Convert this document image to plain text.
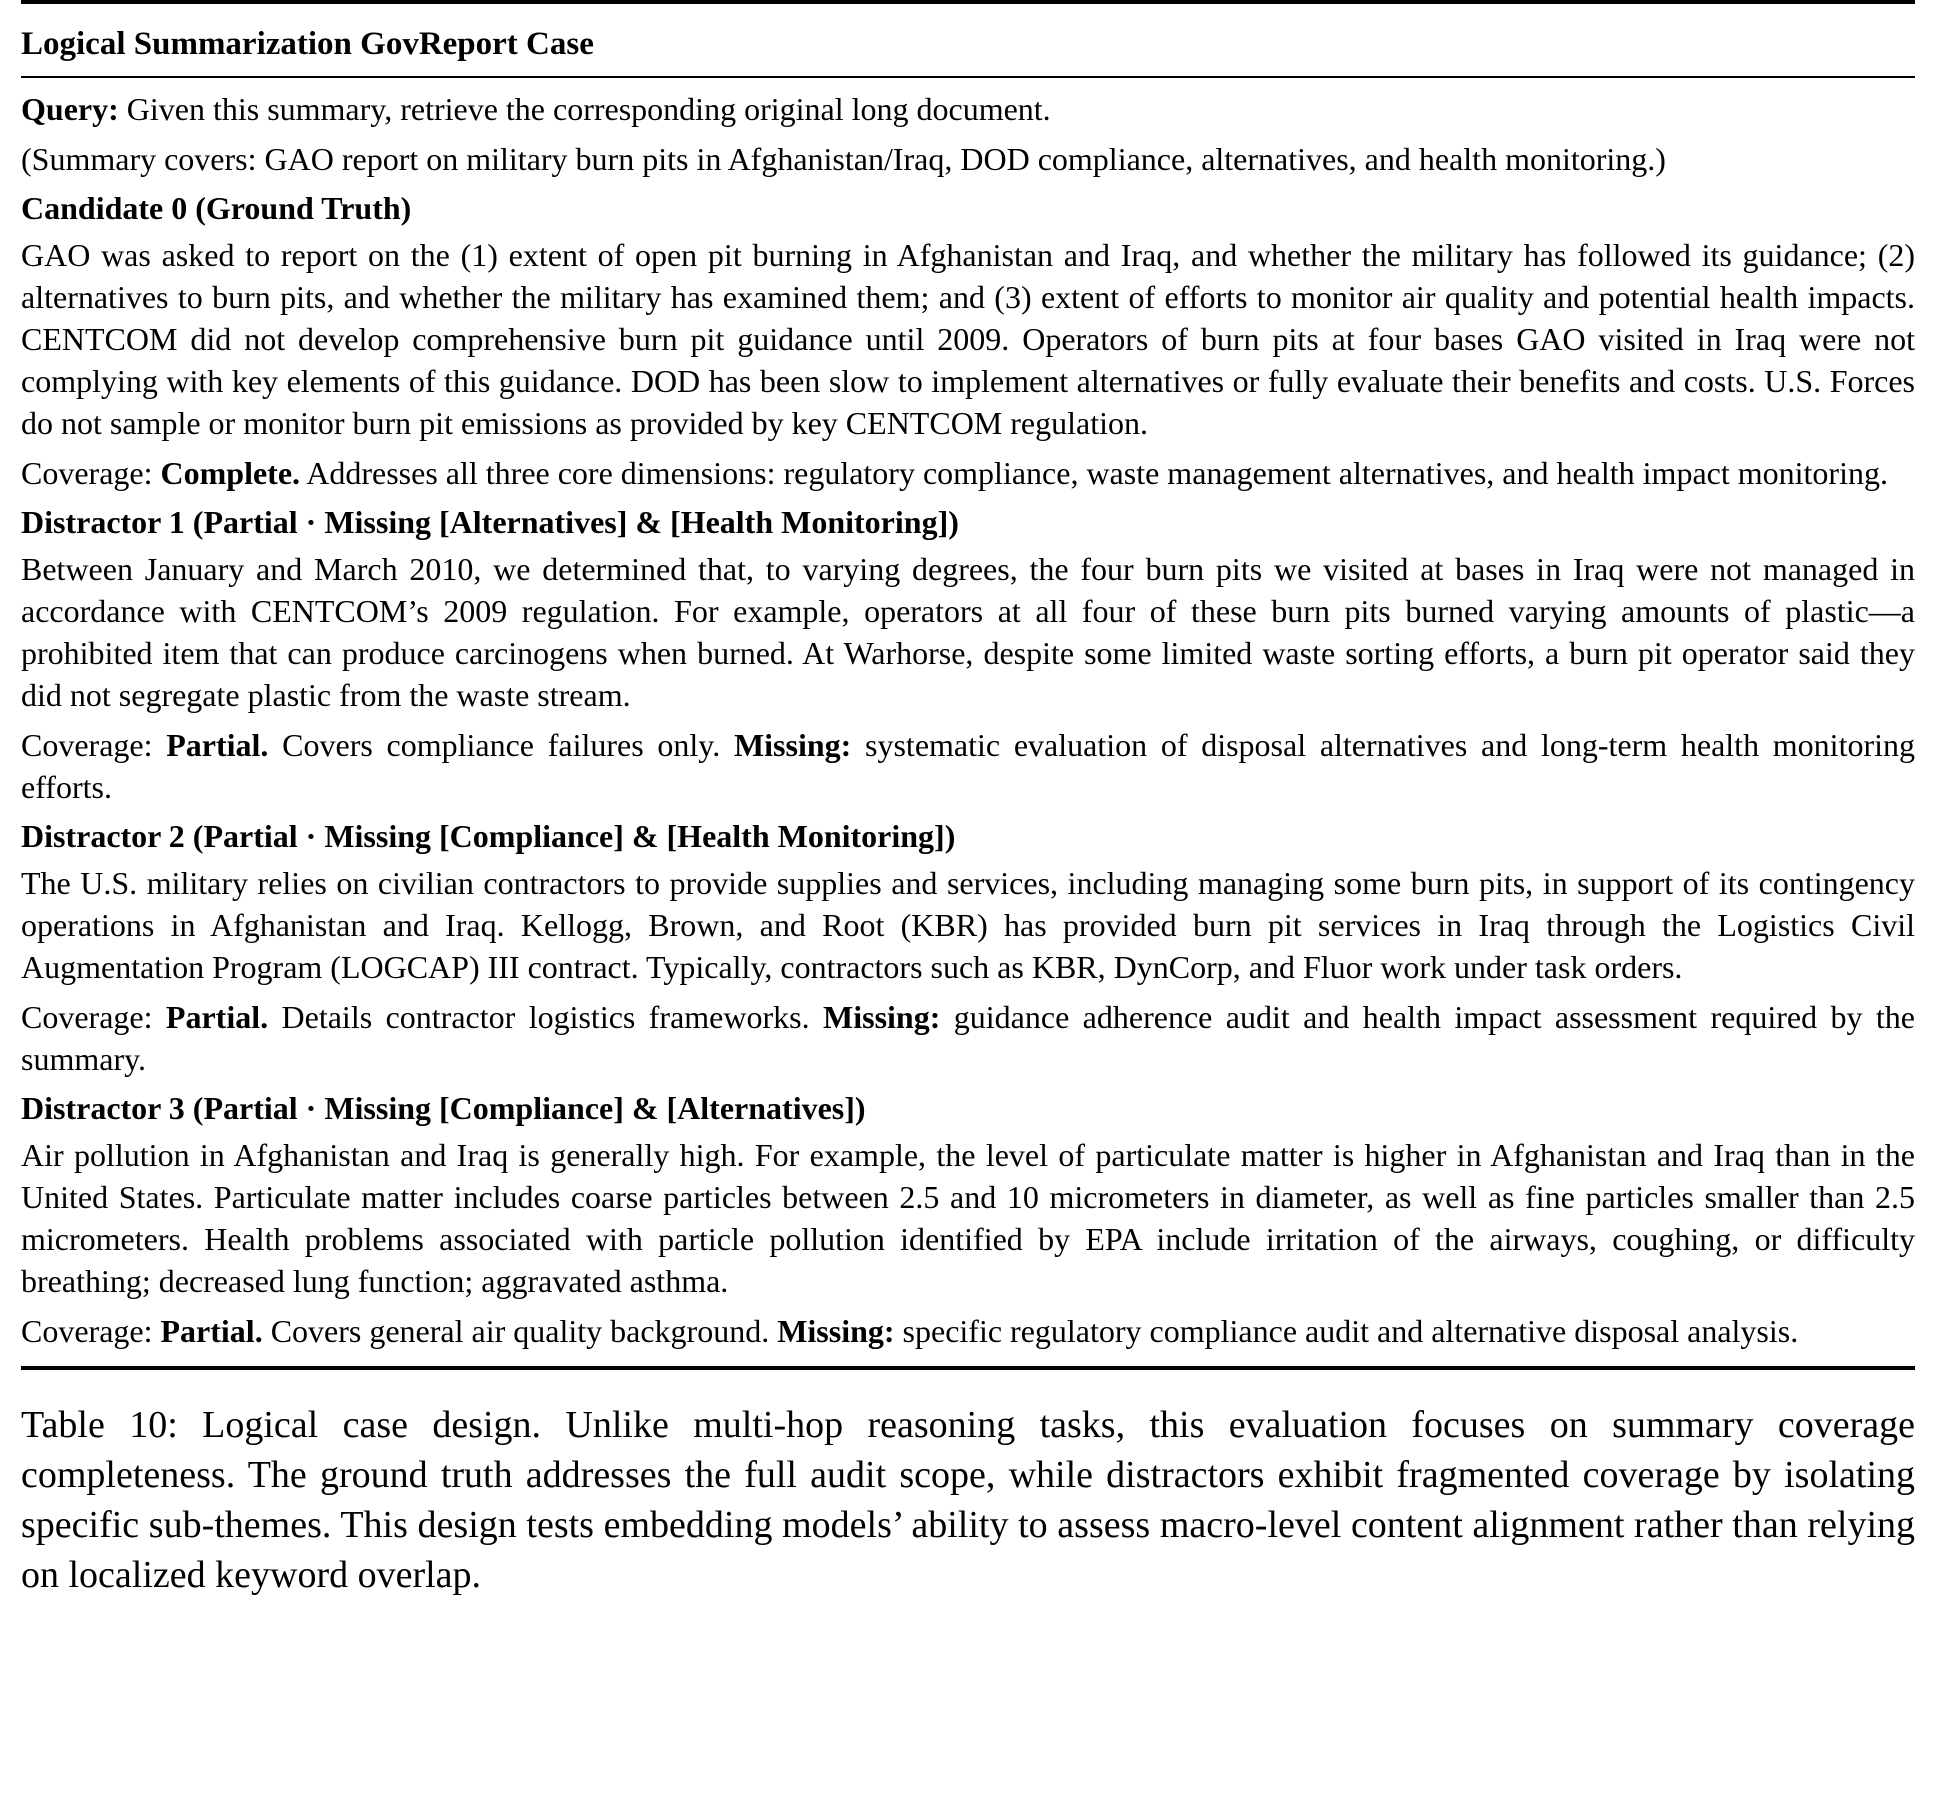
Logical Summarization GovReport Case

Query: Given this summary, retrieve the corresponding original long document.

(Summary covers: GAO report on military burn pits in Afghanistan/Iraq, DOD compliance, alternatives, and health monitoring.)

Candidate 0 (Ground Truth)

GAO was asked to report on the (1) extent of open pit burning in Afghanistan and Iraq, and whether the military has followed its guidance; (2) alternatives to burn pits, and whether the military has examined them; and (3) extent of efforts to monitor air quality and potential health impacts. CENTCOM did not develop comprehensive burn pit guidance until 2009. Operators of burn pits at four bases GAO visited in Iraq were not complying with key elements of this guidance. DOD has been slow to implement alternatives or fully evaluate their benefits and costs. U.S. Forces do not sample or monitor burn pit emissions as provided by key CENTCOM regulation.

Coverage: Complete. Addresses all three core dimensions: regulatory compliance, waste management alternatives, and health impact monitoring.

Distractor 1 (Partial · Missing [Alternatives] & [Health Monitoring])

Between January and March 2010, we determined that, to varying degrees, the four burn pits we visited at bases in Iraq were not managed in accordance with CENTCOM’s 2009 regulation. For example, operators at all four of these burn pits burned varying amounts of plastic—a prohibited item that can produce carcinogens when burned. At Warhorse, despite some limited waste sorting efforts, a burn pit operator said they did not segregate plastic from the waste stream.

Coverage: Partial. Covers compliance failures only. Missing: systematic evaluation of disposal alternatives and long-term health monitoring efforts.

Distractor 2 (Partial · Missing [Compliance] & [Health Monitoring])

The U.S. military relies on civilian contractors to provide supplies and services, including managing some burn pits, in support of its contingency operations in Afghanistan and Iraq. Kellogg, Brown, and Root (KBR) has provided burn pit services in Iraq through the Logistics Civil Augmentation Program (LOGCAP) III contract. Typically, contractors such as KBR, DynCorp, and Fluor work under task orders.

Coverage: Partial. Details contractor logistics frameworks. Missing: guidance adherence audit and health impact assessment required by the summary.

Distractor 3 (Partial · Missing [Compliance] & [Alternatives])

Air pollution in Afghanistan and Iraq is generally high. For example, the level of particulate matter is higher in Afghanistan and Iraq than in the United States. Particulate matter includes coarse particles between 2.5 and 10 micrometers in diameter, as well as fine particles smaller than 2.5 micrometers. Health problems associated with particle pollution identified by EPA include irritation of the airways, coughing, or difficulty breathing; decreased lung function; aggravated asthma.

Coverage: Partial. Covers general air quality background. Missing: specific regulatory compliance audit and alternative disposal analysis.

Table 10: Logical case design. Unlike multi-hop reasoning tasks, this evaluation focuses on summary coverage completeness. The ground truth addresses the full audit scope, while distractors exhibit fragmented coverage by isolating specific sub-themes. This design tests embedding models’ ability to assess macro-level content alignment rather than relying on localized keyword overlap.
